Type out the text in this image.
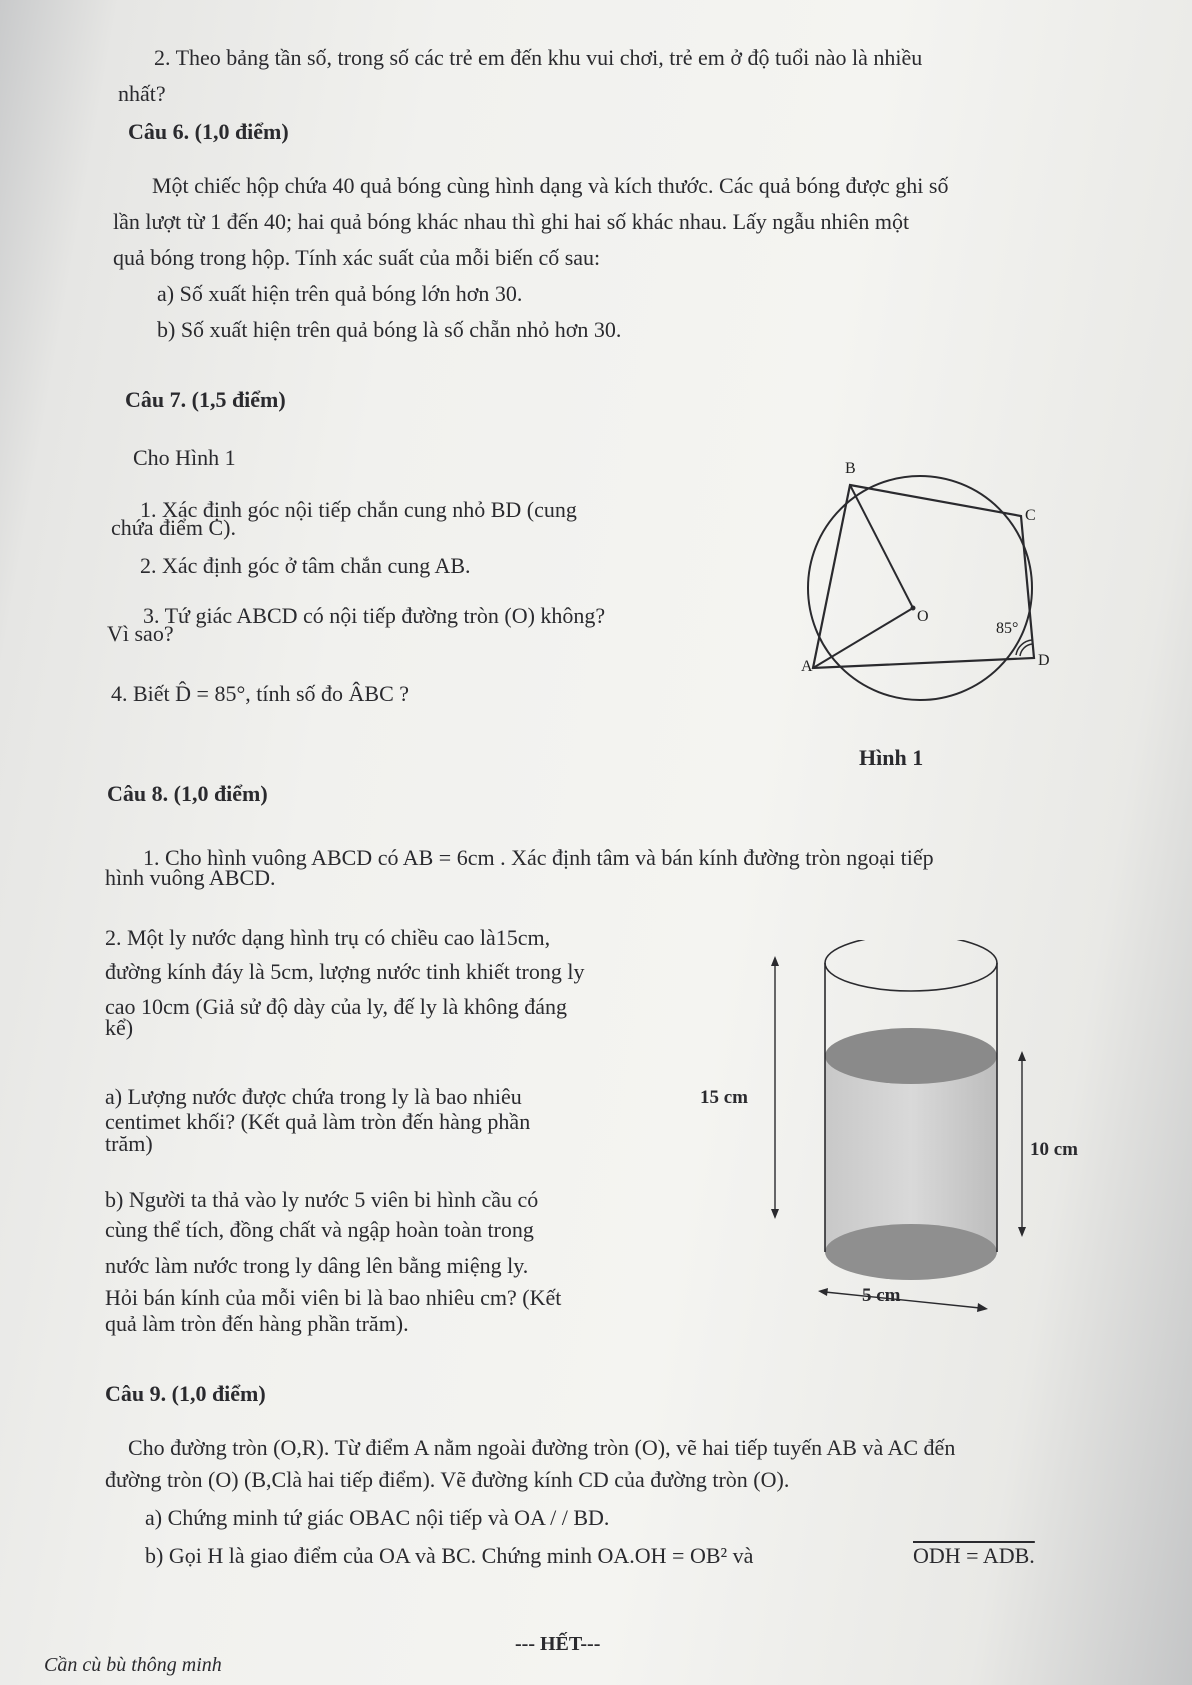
2. Theo bảng tần số, trong số các trẻ em đến khu vui chơi, trẻ em ở độ tuổi nào là nhiều
nhất?
Câu 6. (1,0 điểm)
Một chiếc hộp chứa 40 quả bóng cùng hình dạng và kích thước. Các quả bóng được ghi số
lần lượt từ 1 đến 40; hai quả bóng khác nhau thì ghi hai số khác nhau. Lấy ngẫu nhiên một
quả bóng trong hộp. Tính xác suất của mỗi biến cố sau:
a) Số xuất hiện trên quả bóng lớn hơn 30.
b) Số xuất hiện trên quả bóng là số chẵn nhỏ hơn 30.
Câu 7. (1,5 điểm)
Cho Hình 1
1. Xác định góc nội tiếp chắn cung nhỏ BD (cung
chứa điểm C).
2. Xác định góc ở tâm chắn cung AB.
3. Tứ giác ABCD có nội tiếp đường tròn (O) không?
Vì sao?
4. Biết D̂ = 85°, tính số đo ÂBC ?
B
C
O
85°
D
A
Hình 1
Câu 8. (1,0 điểm)
1. Cho hình vuông ABCD có AB = 6cm . Xác định tâm và bán kính đường tròn ngoại tiếp
hình vuông ABCD.
2. Một ly nước dạng hình trụ có chiều cao là15cm,
đường kính đáy là 5cm, lượng nước tinh khiết trong ly
cao 10cm (Giả sử độ dày của ly, đế ly là không đáng
kể)
a) Lượng nước được chứa trong ly là bao nhiêu
centimet khối? (Kết quả làm tròn đến hàng phần
trăm)
b) Người ta thả vào ly nước 5 viên bi hình cầu có
cùng thể tích, đồng chất và ngập hoàn toàn trong
nước làm nước trong ly dâng lên bằng miệng ly.
Hỏi bán kính của mỗi viên bi là bao nhiêu cm? (Kết
quả làm tròn đến hàng phần trăm).
15 cm
10 cm
5 cm
Câu 9. (1,0 điểm)
Cho đường tròn (O,R). Từ điểm A nằm ngoài đường tròn (O), vẽ hai tiếp tuyến AB và AC đến
đường tròn (O) (B,Clà hai tiếp điểm). Vẽ đường kính CD của đường tròn (O).
a) Chứng minh tứ giác OBAC nội tiếp và OA / / BD.
b) Gọi H là giao điểm của OA và BC. Chứng minh OA.OH = OB² và	ODH = ADB.
--- HẾT---
Cần cù bù thông minh
